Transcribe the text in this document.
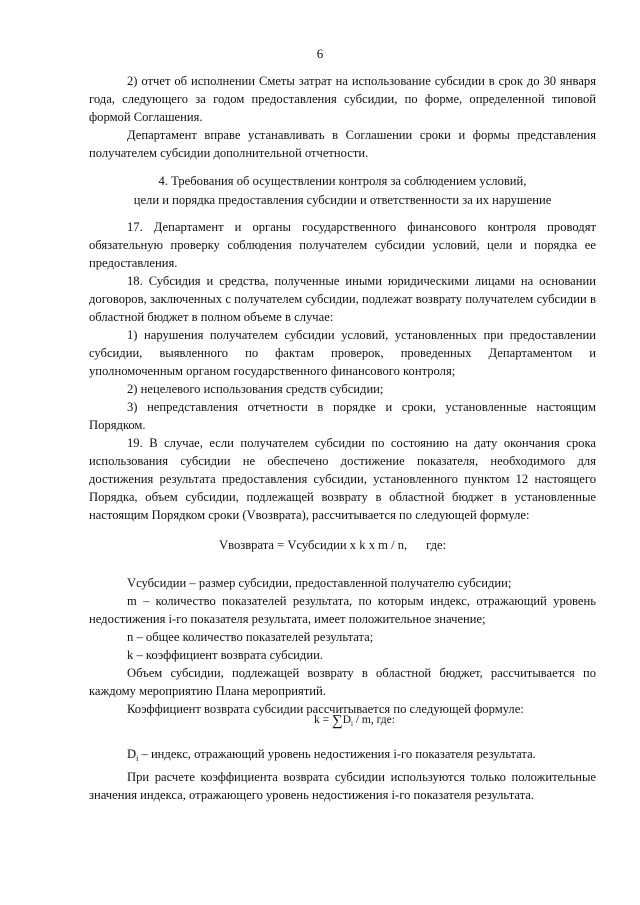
6

2) отчет об исполнении Сметы затрат на использование субсидии в срок до 30 января года, следующего за годом предоставления субсидии, по форме, определенной типовой формой Соглашения.

Департамент вправе устанавливать в Соглашении сроки и формы представления получателем субсидии дополнительной отчетности.

4. Требования об осуществлении контроля за соблюдением условий,
цели и порядка предоставления субсидии и ответственности за их нарушение

17. Департамент и органы государственного финансового контроля проводят обязательную проверку соблюдения получателем субсидии условий, цели и порядка ее предоставления.

18. Субсидия и средства, полученные иными юридическими лицами на основании договоров, заключенных с получателем субсидии, подлежат возврату получателем субсидии в областной бюджет в полном объеме в случае:

1) нарушения получателем субсидии условий, установленных при предоставлении субсидии, выявленного по фактам проверок, проведенных Департаментом и уполномоченным органом государственного финансового контроля;

2) нецелевого использования средств субсидии;

3) непредставления отчетности в порядке и сроки, установленные настоящим Порядком.

19. В случае, если получателем субсидии по состоянию на дату окончания срока использования субсидии не обеспечено достижение показателя, необходимого для достижения результата предоставления субсидии, установленного пунктом 12 настоящего Порядка, объем субсидии, подлежащей возврату в областной бюджет в установленные настоящим Порядком сроки (Vвозврата), рассчитывается по следующей формуле:

Vвозврата = Vсубсидии x k x m / n,      где:

Vсубсидии – размер субсидии, предоставленной получателю субсидии;

m – количество показателей результата, по которым индекс, отражающий уровень недостижения i-го показателя результата, имеет положительное значение;

n – общее количество показателей результата;

k – коэффициент возврата субсидии.

Объем субсидии, подлежащей возврату в областной бюджет, рассчитывается по каждому мероприятию Плана мероприятий.

Коэффициент возврата субсидии рассчитывается по следующей формуле:

$k = \sum D_i / m$, где:

$D_i$ – индекс, отражающий уровень недостижения i-го показателя результата.

При расчете коэффициента возврата субсидии используются только положительные значения индекса, отражающего уровень недостижения i-го показателя результата.
